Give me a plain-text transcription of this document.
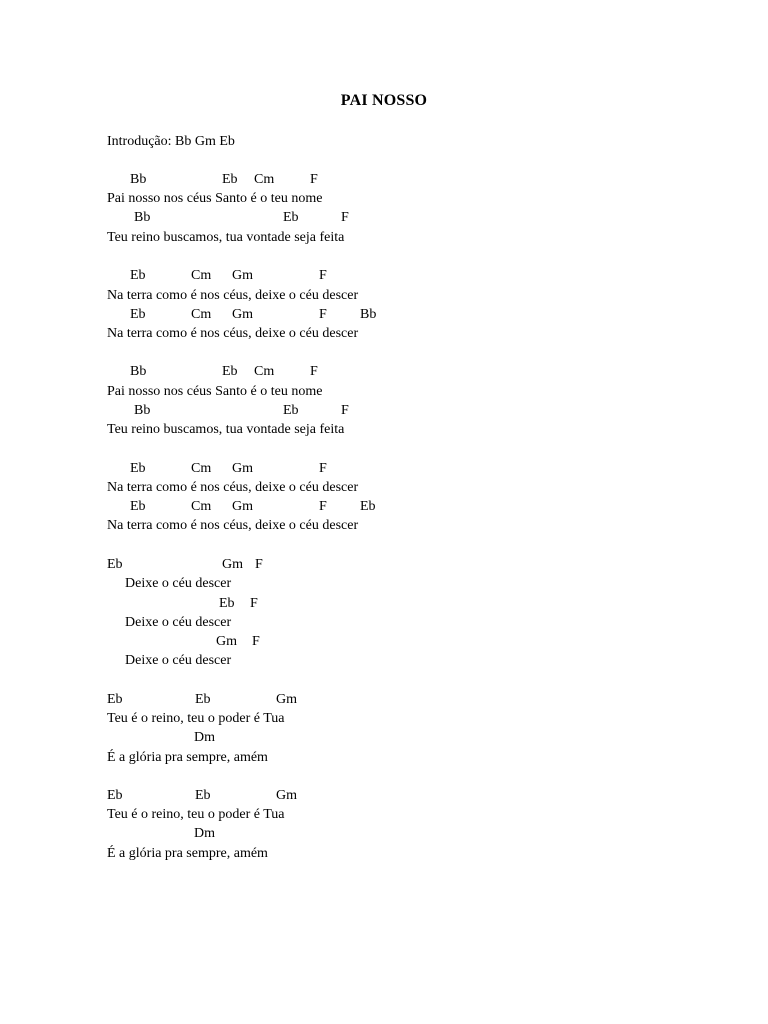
PAI NOSSO
Introdução: Bb Gm Eb
Bb	Eb Cm	F
Pai nosso nos céus Santo é o teu nome
Bb	Eb	F
Teu reino buscamos, tua vontade seja feita
Eb	Cm Gm	F
Na terra como é nos céus, deixe o céu descer
Eb	Cm Gm	F Bb
Na terra como é nos céus, deixe o céu descer
Bb	Eb Cm	F
Pai nosso nos céus Santo é o teu nome
Bb	Eb	F
Teu reino buscamos, tua vontade seja feita
Eb	Cm Gm	F
Na terra como é nos céus, deixe o céu descer
Eb	Cm Gm	F Eb
Na terra como é nos céus, deixe o céu descer
Eb	Gm F
Deixe o céu descer
Eb F
Deixe o céu descer
Gm F
Deixe o céu descer
Eb	Eb	Gm
Teu é o reino, teu o poder é Tua
Dm
É a glória pra sempre, amém
Eb	Eb	Gm
Teu é o reino, teu o poder é Tua
Dm
É a glória pra sempre, amém
